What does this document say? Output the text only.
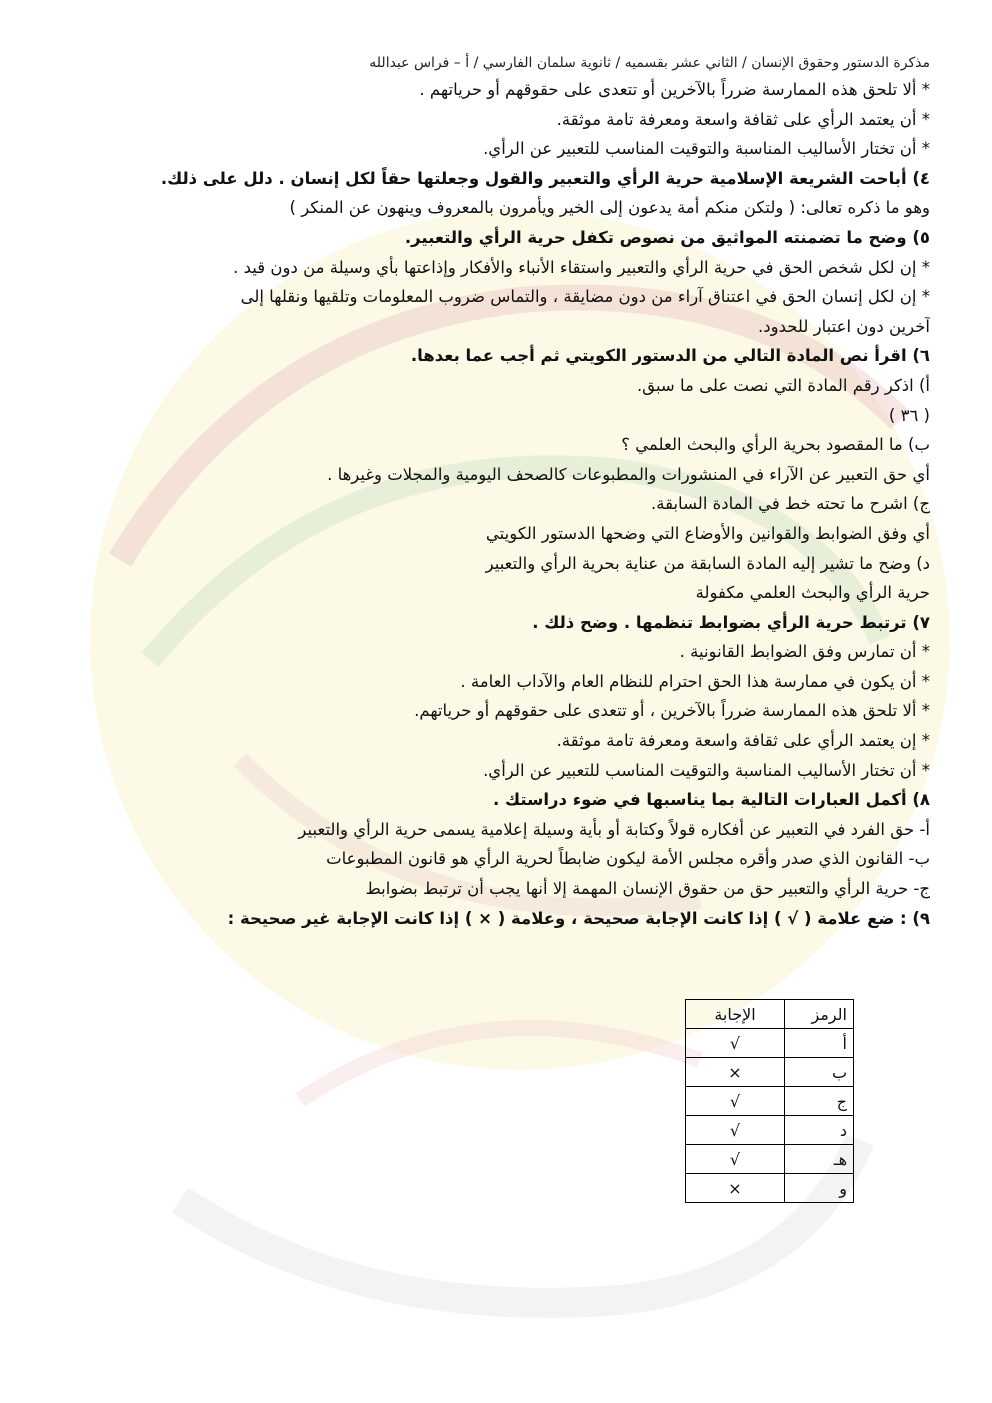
مذكرة الدستور وحقوق الإنسان / الثاني عشر بقسميه / ثانوية سلمان الفارسي / أ – فراس عبدالله
* ألا تلحق هذه الممارسة ضرراً بالآخرين أو تتعدى على حقوقهم أو حرياتهم .
* أن يعتمد الرأي على ثقافة واسعة ومعرفة تامة موثقة.
* أن تختار الأساليب المناسبة والتوقيت المناسب للتعبير عن الرأي.
٤) أباحت الشريعة الإسلامية حرية الرأي والتعبير والقول وجعلتها حقاً لكل إنسان . دلل على ذلك.
وهو ما ذكره تعالى: ( ولتكن منكم أمة يدعون إلى الخير ويأمرون بالمعروف وينهون عن المنكر )
٥) وضح ما تضمنته المواثيق من نصوص تكفل حرية الرأي والتعبير.
* إن لكل شخص الحق في حرية الرأي والتعبير واستقاء الأنباء والأفكار وإذاعتها بأي وسيلة من دون قيد .
* إن لكل إنسان الحق في اعتناق آراء من دون مضايقة ، والتماس ضروب المعلومات وتلقيها ونقلها إلى
آخرين دون اعتبار للحدود.
٦) اقرأ نص المادة التالي من الدستور الكويتي ثم أجب عما بعدها.
أ) اذكر رقم المادة التي نصت على ما سبق.
( ٣٦ )
ب) ما المقصود بحرية الرأي والبحث العلمي ؟
أي حق التعبير عن الآراء في المنشورات والمطبوعات كالصحف اليومية والمجلات وغيرها .
ج) اشرح ما تحته خط في المادة السابقة.
أي وفق الضوابط والقوانين والأوضاع التي وضحها الدستور الكويتي
د) وضح ما تشير إليه المادة السابقة من عناية بحرية الرأي والتعبير
حرية الرأي والبحث العلمي مكفولة
٧) ترتبط حرية الرأي بضوابط تنظمها . وضح ذلك .
* أن تمارس وفق الضوابط القانونية .
* أن يكون في ممارسة هذا الحق احترام للنظام العام والآداب العامة .
* ألا تلحق هذه الممارسة ضرراً بالآخرين ، أو تتعدى على حقوقهم أو حرياتهم.
* إن يعتمد الرأي على ثقافة واسعة ومعرفة تامة موثقة.
* أن تختار الأساليب المناسبة والتوقيت المناسب للتعبير عن الرأي.
٨) أكمل العبارات التالية بما يناسبها في ضوء دراستك .
أ- حق الفرد في التعبير عن أفكاره قولاً وكتابة أو بأية وسيلة إعلامية يسمى حرية الرأي والتعبير
ب- القانون الذي صدر وأقره مجلس الأمة ليكون ضابطاً لحرية الرأي هو قانون المطبوعات
ج- حرية الرأي والتعبير حق من حقوق الإنسان المهمة إلا أنها يجب أن ترتبط بضوابط
٩) : ضع علامة ( √ ) إذا كانت الإجابة صحيحة ، وعلامة ( × ) إذا كانت الإجابة غير صحيحة :
الرمز	الإجابة
أ	√
ب	×
ج	√
د	√
هـ	√
و	×
